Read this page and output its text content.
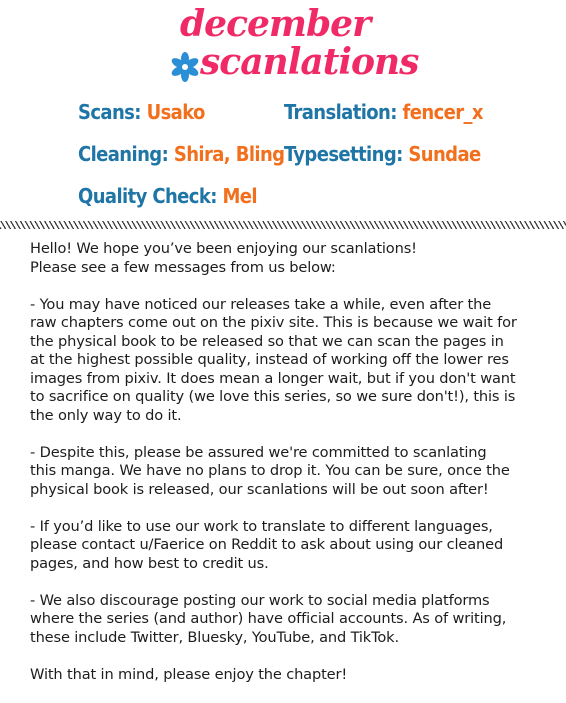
december
scanlations
Scans: Usako	Translation: fencer_x
Cleaning: Shira, Bling Typesetting: Sundae
Quality Check: Mel
Hello! We hope you’ve been enjoying our scanlations!
Please see a few messages from us below:
- You may have noticed our releases take a while, even after the
raw chapters come out on the pixiv site. This is because we wait for
the physical book to be released so that we can scan the pages in
at the highest possible quality, instead of working off the lower res
images from pixiv. It does mean a longer wait, but if you don't want
to sacrifice on quality (we love this series, so we sure don't!), this is
the only way to do it.
- Despite this, please be assured we're committed to scanlating
this manga. We have no plans to drop it. You can be sure, once the
physical book is released, our scanlations will be out soon after!
- If you’d like to use our work to translate to different languages,
please contact u/Faerice on Reddit to ask about using our cleaned
pages, and how best to credit us.
- We also discourage posting our work to social media platforms
where the series (and author) have official accounts. As of writing,
these include Twitter, Bluesky, YouTube, and TikTok.
With that in mind, please enjoy the chapter!
